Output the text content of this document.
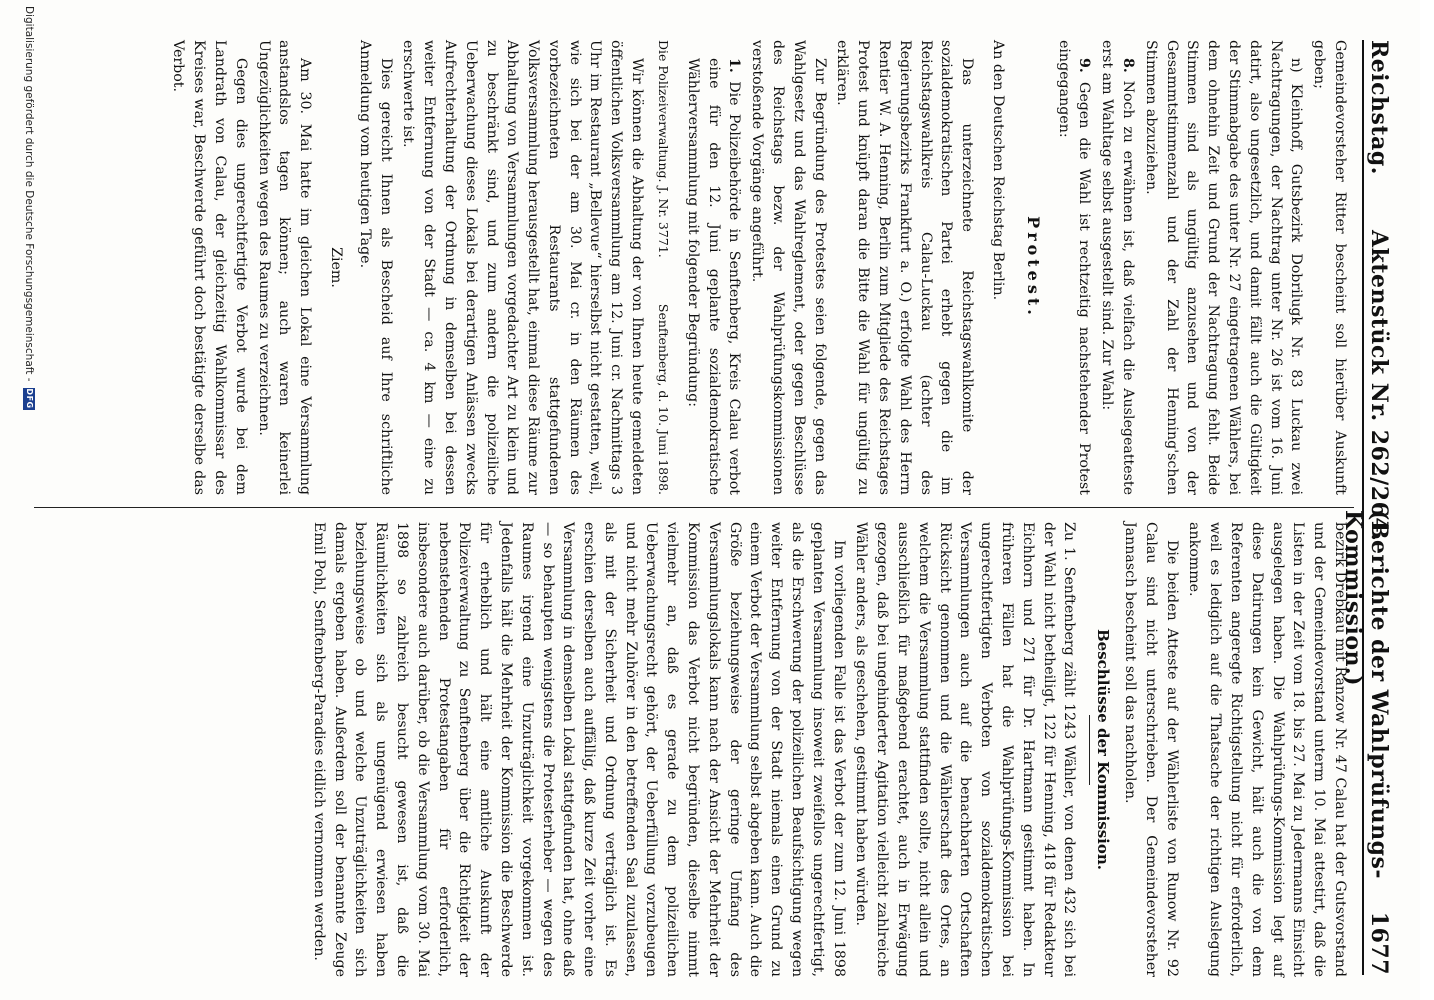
Reichstag.
Aktenstück Nr. 262/264.
(Berichte der Wahlprüfungs-Kommission.)
1677

Gemeindevorsteher Ritter bescheint soll hierüber Auskunft geben;

n) Kleinhoff, Gutsbezirk Dobrilugk Nr. 83 Luckau zwei Nachtragungen, der Nachtrag unter Nr. 26 ist vom 16. Juni datirt, also ungesetzlich, und damit fällt auch die Gültigkeit der Stimmabgabe des unter Nr. 27 eingetragenen Wählers, bei dem ohnehin Zeit und Grund der Nachtragung fehlt. Beide Stimmen sind als ungültig anzusehen und von der Gesammtstimmenzahl und der Zahl der Henning'schen Stimmen abzuziehen.

8. Noch zu erwähnen ist, daß vielfach die Auslegeatteste erst am Wahltage selbst ausgestellt sind. Zur Wahl:

9. Gegen die Wahl ist rechtzeitig nachstehender Protest eingegangen:

Protest.

An den Deutschen Reichstag Berlin.

Das unterzeichnete Reichstagswahlkomite der sozialdemokratischen Partei erhebt gegen die im Reichstagswahlkreis Calau-Luckau (achter des Regierungsbezirks Frankfurt a. O.) erfolgte Wahl des Herrn Rentier W. A. Henning, Berlin zum Mitgliede des Reichstages Protest und knüpft daran die Bitte die Wahl für ungültig zu erklären.

Zur Begründung des Protestes seien folgende, gegen das Wahlgesetz und das Wahlreglement, oder gegen Beschlüsse des Reichstags bezw. der Wahlprüfungskommissionen verstoßende Vorgänge angeführt.

1. Die Polizeibehörde in Senftenberg, Kreis Calau verbot eine für den 12. Juni geplante sozialdemokratische Wählerversammlung mit folgender Begründung:

Die Polizeiverwaltung. J. Nr. 3771.
Senftenberg, d. 10. Juni 1898.

Wir können die Abhaltung der von Ihnen heute gemeldeten öffentlichen Volksversammlung am 12. Juni cr. Nachmittags 3 Uhr im Restaurant „Bellevue“ hierselbst nicht gestatten, weil, wie sich bei der am 30. Mai cr. in den Räumen des vorbezeichneten Restaurants stattgefundenen Volksversammlung herausgestellt hat, einmal diese Räume zur Abhaltung von Versammlungen vorgedachter Art zu klein und zu beschränkt sind, und zum andern die polizeiliche Ueberwachung dieses Lokals bei derartigen Anlässen zwecks Aufrechterhaltung der Ordnung in demselben bei dessen weiter Entfernung von der Stadt — ca. 4 km — eine zu erschwerte ist.

Dies gereicht Ihnen als Bescheid auf Ihre schriftliche Anmeldung vom heutigen Tage.

Ziem.

Am 30. Mai hatte im gleichen Lokal eine Versammlung anstandslos tagen können; auch waren keinerlei Ungezüglichkeiten wegen des Raumes zu verzeichnen.

Gegen dies ungerechtfertigte Verbot wurde bei dem Landrath von Calau, der gleichzeitig Wahlkommissar des Kreises war, Beschwerde geführt doch bestätigte derselbe das Verbot.

bezirk Drebkau mit Ranzow Nr. 47 Calau hat der Gutsvorstand und der Gemeindevorstand unterm 10. Mai attestirt, daß die Listen in der Zeit vom 18. bis 27. Mai zu Jedermanns Einsicht ausgelegen haben. Die Wahlprüfungs-Kommission legt auf diese Datirungen kein Gewicht, hält auch die von dem Referenten angeregte Richtigstellung nicht für erforderlich, weil es lediglich auf die Thatsache der richtigen Auslegung ankomme.

Die beiden Atteste auf der Wählerliste von Runow Nr. 92 Calau sind nicht unterschrieben. Der Gemeindevorsteher Jannasch bescheint soll das nachholen.

Beschlüsse der Kommission.

Zu 1. Senftenberg zählt 1243 Wähler, von denen 432 sich bei der Wahl nicht betheiligt, 122 für Henning, 418 für Redakteur Eichhorn und 271 für Dr. Hartmann gestimmt haben. In früheren Fällen hat die Wahlprüfungs-Kommission bei ungerechtfertigten Verboten von sozialdemokratischen Versammlungen auch auf die benachbarten Ortschaften Rücksicht genommen und die Wählerschaft des Ortes, an welchem die Versammlung stattfinden sollte, nicht allein und ausschließlich für maßgebend erachtet, auch in Erwägung gezogen, daß bei ungehinderter Agitation vielleicht zahlreiche Wähler anders, als geschehen, gestimmt haben würden.

Im vorliegenden Falle ist das Verbot der zum 12. Juni 1898 geplanten Versammlung insoweit zweifellos ungerechtfertigt, als die Erschwerung der polizeilichen Beaufsichtigung wegen weiter Entfernung von der Stadt niemals einen Grund zu einem Verbot der Versammlung selbst abgeben kann. Auch die Größe beziehungsweise der geringe Umfang des Versammlungslokals kann nach der Ansicht der Mehrheit der Kommission das Verbot nicht begründen, dieselbe nimmt vielmehr an, daß es gerade zu dem polizeilichen Ueberwachungsrecht gehört, der Ueberfüllung vorzubeugen und nicht mehr Zuhörer in den betreffenden Saal zuzulassen, als mit der Sicherheit und Ordnung verträglich ist. Es erschien derselben auch auffällig, daß kurze Zeit vorher eine Versammlung in demselben Lokal stattgefunden hat, ohne daß — so behaupten wenigstens die Protesterheber — wegen des Raumes irgend eine Unzuträglichkeit vorgekommen ist. Jedenfalls hält die Mehrheit der Kommission die Beschwerde für erheblich und hält eine amtliche Auskunft der Polizeiverwaltung zu Senftenberg über die Richtigkeit der nebenstehenden Protestangaben für erforderlich, insbesondere auch darüber, ob die Versammlung vom 30. Mai 1898 so zahlreich besucht gewesen ist, daß die Räumlichkeiten sich als ungenügend erwiesen haben beziehungsweise ob und welche Unzuträglichkeiten sich damals ergeben haben. Außerdem soll der benannte Zeuge Emil Pohl, Senftenberg-Paradies eidlich vernommen werden.

Digitalisierung gefördert durch die Deutsche Forschungsgemeinschaft -
DFG
